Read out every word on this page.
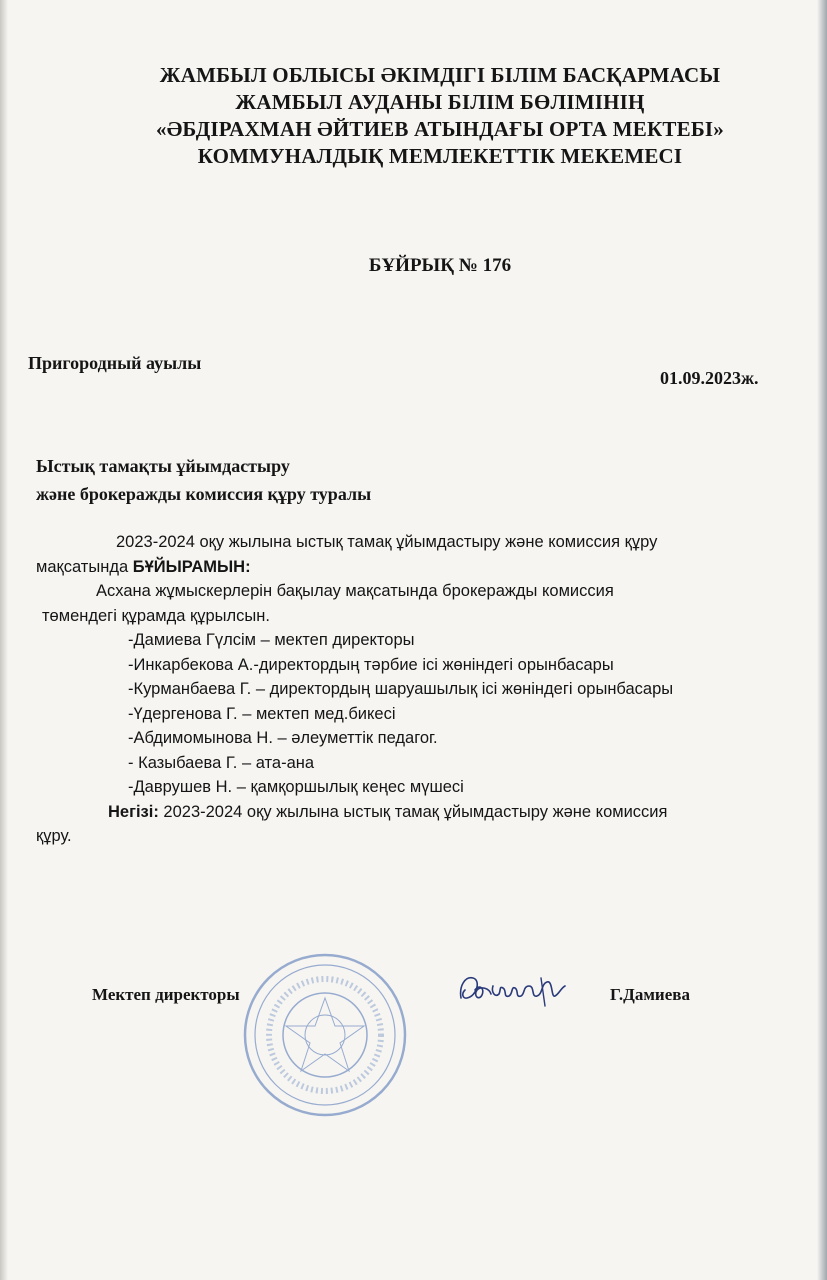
ЖАМБЫЛ ОБЛЫСЫ ӘКІМДІГІ БІЛІМ БАСҚАРМАСЫ
ЖАМБЫЛ АУДАНЫ БІЛІМ БӨЛІМІНІҢ
«ӘБДІРАХМАН ӘЙТИЕВ АТЫНДАҒЫ ОРТА МЕКТЕБІ»
КОММУНАЛДЫҚ МЕМЛЕКЕТТІК МЕКЕМЕСІ
БҰЙРЫҚ № 176
Пригородный ауылы
01.09.2023ж.
Ыстық тамақты ұйымдастыру
және брокеражды комиссия құру туралы
2023-2024 оқу жылына ыстық тамақ ұйымдастыру және комиссия құру
мақсатында БҰЙЫРАМЫН:
Асхана жұмыскерлерін бақылау мақсатында брокеражды комиссия
төмендегі құрамда құрылсын.
-Дамиева Гүлсім – мектеп директоры
-Инкарбекова А.-директордың тәрбие ісі жөніндегі орынбасары
-Курманбаева Г. – директордың шаруашылық ісі жөніндегі орынбасары
-Үдергенова Г. – мектеп мед.бикесі
-Абдимомынова Н. – әлеуметтік педагог.
- Казыбаева Г. – ата-ана
-Даврушев Н. – қамқоршылық кеңес мүшесі
Негізі: 2023-2024 оқу жылына ыстық тамақ ұйымдастыру және комиссия
құру.
Мектеп директоры	Г.Дамиева
